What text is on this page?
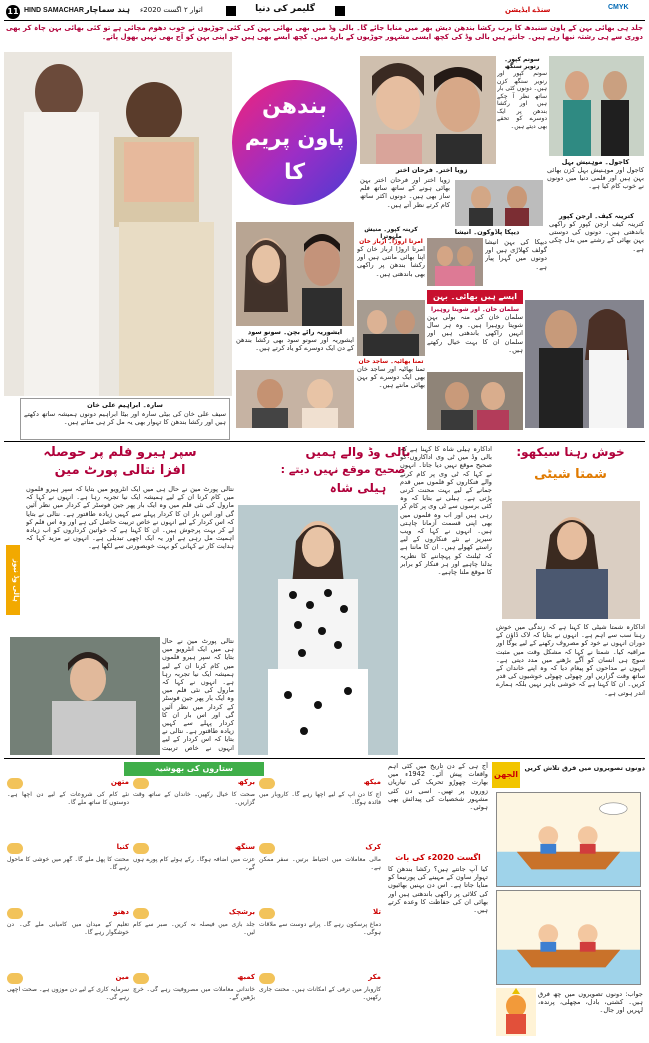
11 HIND SAMACHAR ہند سماچار اتوار ۲ اگست 2020ء	گلیمر کی دنیا	سنڈے ایڈیشن	CMYK
جلد ہی بھائی بہن کے پاون سنبدھ کا پرب رکشا بندھن دیش بھر میں منایا جائے گا۔ بالی وڈ میں بھی بھائی بہن کی کئی جوڑیوں نے خوب دھوم مچائی ہے تو کئی بھائی بہن چاہ کر بھی دوری سے ہی رشتہ نبھا رہے ہیں۔ جانتے ہیں بالی وڈ کی کچھ ایسی مشہور جوڑیوں کے بارے میں۔ کچھ ایسے بھی ہیں جو اپنی بہن کو آج بھی نہیں بھول پاتے۔
سارہ۔ ابراہیم علی خان
سیف علی خان کی بیٹی سارہ اور بیٹا ابراہیم دونوں ہمیشہ ساتھ دکھتے ہیں اور رکشا بندھن کا تہوار بھی یہ مل کر ہی مناتے ہیں۔
بندھن
پاون پریم
کا
سونم کپور۔ رنویر سنگھ
سونم کپور اور رنویر سنگھ کزن ہیں۔ دونوں کئی بار ساتھ نظر آ چکے ہیں اور رکشا بندھن پر ایک دوسرے کو تحفے بھی دیتے ہیں۔
کاجول۔ موہنیش بہل
کاجول اور موہنیش بہل کزن بھائی بہن ہیں اور فلمی دنیا میں دونوں نے خوب کام کیا ہے۔
زویا اختر۔ فرحان اختر
زویا اختر اور فرحان اختر بہن بھائی ہونے کے ساتھ ساتھ فلم ساز بھی ہیں۔ دونوں اکثر ساتھ کام کرتے نظر آتے ہیں۔
دیپکا پاڈوکون۔ انیشا
دیپکا کی بہن انیشا گولف کھلاڑی ہیں اور دونوں میں گہرا پیار ہے۔
کترینہ کیف۔ ارجن کپور
کترینہ کیف ارجن کپور کو راکھی باندھتی ہیں۔ دونوں کی دوستی بہن بھائی کے رشتے میں بدل چکی ہے۔
ایشوریہ رائے بچن۔ سونو سود
ایشوریہ اور سونو سود بھی رکشا بندھن کے دن ایک دوسرے کو یاد کرتے ہیں۔
کرینہ کپور۔ منیش ملہوترا
امرتا اروڑا۔ ارباز خان
امرتا اروڑا ارباز خان کو اپنا بھائی مانتی ہیں اور رکشا بندھن پر راکھی بھی باندھتی ہیں۔
ایسے ہیں بھائی۔ بہن
سلمان خان۔ اور شویتا روہیرا
سلمان خان کی منہ بولی بہن شویتا روہیرا ہیں۔ وہ ہر سال انہیں راکھی باندھتی ہیں اور سلمان ان کا بہت خیال رکھتے ہیں۔
تمنا بھاٹیہ۔ ساجد خان
تمنا بھاٹیہ اور ساجد خان بھی ایک دوسرے کو بہن بھائی مانتے ہیں۔
سپر ہیرو فلم پر حوصلہ
افزا نتالی پورٹ مین
نتالی پورٹ مین نے حال ہی میں ایک انٹرویو میں بتایا کہ سپر ہیرو فلموں میں کام کرنا ان کے لیے ہمیشہ ایک نیا تجربہ رہا ہے۔ انہوں نے کہا کہ مارول کی نئی فلم میں وہ ایک بار پھر جین فوسٹر کے کردار میں نظر آئیں گی اور اس بار ان کا کردار پہلے سے کہیں زیادہ طاقتور ہے۔ نتالی نے بتایا کہ اس کردار کے لیے انہوں نے خاص تربیت حاصل کی ہے اور وہ اس فلم کو لے کر بہت پرجوش ہیں۔ ان کا کہنا ہے کہ خواتین کرداروں کو اب زیادہ اہمیت مل رہی ہے اور یہ ایک اچھی تبدیلی ہے۔ انہوں نے مزید کہا کہ ہدایت کار نے کہانی کو بہت خوبصورتی سے لکھا ہے۔
ہالی وڈ نیوز
نتالی پورٹ مین نے حال ہی میں ایک انٹرویو میں بتایا کہ سپر ہیرو فلموں میں کام کرنا ان کے لیے ہمیشہ ایک نیا تجربہ رہا ہے۔ انہوں نے کہا کہ مارول کی نئی فلم میں وہ ایک بار پھر جین فوسٹر کے کردار میں نظر آئیں گی اور اس بار ان کا کردار پہلے سے کہیں زیادہ طاقتور ہے۔ نتالی نے بتایا کہ اس کردار کے لیے انہوں نے خاص تربیت
بالی وڈ والے ہمیں
صحیح موقع نہیں دیتے :
ہیلی شاہ
اداکارہ ہیلی شاہ کا کہنا ہے کہ بالی وڈ میں ٹی وی اداکاروں کو صحیح موقع نہیں دیا جاتا۔ انہوں نے کہا کہ ٹی وی پر کام کرنے والے فنکاروں کو فلموں میں قدم جمانے کے لیے بہت محنت کرنی پڑتی ہے۔ ہیلی نے بتایا کہ وہ کئی برسوں سے ٹی وی پر کام کر رہی ہیں اور اب وہ فلموں میں بھی اپنی قسمت آزمانا چاہتی ہیں۔ انہوں نے کہا کہ ویب سیریز نے نئے فنکاروں کے لیے راستے کھولے ہیں۔ ان کا ماننا ہے کہ ٹیلنٹ کو پہچاننے کا نظریہ بدلنا چاہیے اور ہر فنکار کو برابر کا موقع ملنا چاہیے۔
خوش رہنا سیکھو:
شمتا شیٹی
اداکارہ شمتا شیٹی کا کہنا ہے کہ زندگی میں خوش رہنا سب سے اہم ہے۔ انہوں نے بتایا کہ لاک ڈاؤن کے دوران انہوں نے خود کو مصروف رکھنے کے لیے یوگا اور مراقبہ کیا۔ شمتا نے کہا کہ مشکل وقت میں مثبت سوچ ہی انسان کو آگے بڑھنے میں مدد دیتی ہے۔ انہوں نے مداحوں کو پیغام دیا کہ وہ اپنے خاندان کے ساتھ وقت گزاریں اور چھوٹی چھوٹی خوشیوں کی قدر کریں۔ ان کا کہنا ہے کہ خوشی باہر نہیں بلکہ ہمارے اندر ہوتی ہے۔
ستاروں کی بھوشیہ
میکھ
آج کا دن آپ کے لیے اچھا رہے گا۔ کاروبار میں فائدہ ہوگا۔
برکھ
صحت کا خیال رکھیں۔ خاندان کے ساتھ وقت گزاریں۔
متھن
نئے کام کی شروعات کے لیے دن اچھا ہے۔ دوستوں کا ساتھ ملے گا۔
کرک
مالی معاملات میں احتیاط برتیں۔ سفر ممکن ہے۔
سنگھ
عزت میں اضافہ ہوگا۔ رکے ہوئے کام پورے ہوں گے۔
کنیا
محنت کا پھل ملے گا۔ گھر میں خوشی کا ماحول رہے گا۔
تلا
دماغ پرسکون رہے گا۔ پرانے دوست سے ملاقات ہوگی۔
برشچک
جلد بازی میں فیصلہ نہ کریں۔ صبر سے کام لیں۔
دھنو
تعلیم کے میدان میں کامیابی ملے گی۔ دن خوشگوار رہے گا۔
مکر
کاروبار میں ترقی کے امکانات ہیں۔ محنت جاری رکھیں۔
کمبھ
خاندانی معاملات میں مصروفیت رہے گی۔ خرچ بڑھیں گے۔
مین
سرمایہ کاری کے لیے دن موزوں ہے۔ صحت اچھی رہے گی۔
آج ہی کے دن تاریخ میں کئی اہم واقعات پیش آئے۔ 1942ء میں بھارت چھوڑو تحریک کی تیاریاں زوروں پر تھیں۔ اسی دن کئی مشہور شخصیات کی پیدائش بھی ہوئی۔
اگست 2020ء کی بات
کیا آپ جانتے ہیں؟ رکشا بندھن کا تہوار ساون کے مہینے کی پورنیما کو منایا جاتا ہے۔ اس دن بہنیں بھائیوں کی کلائی پر راکھی باندھتی ہیں اور بھائی ان کی حفاظت کا وعدہ کرتے ہیں۔
الجھن
دونوں تصویروں میں فرق تلاش کریں
جواب: دونوں تصویروں میں چھ فرق ہیں۔ کشتی، بادل، مچھلی، پرندہ، لہریں اور جال۔
